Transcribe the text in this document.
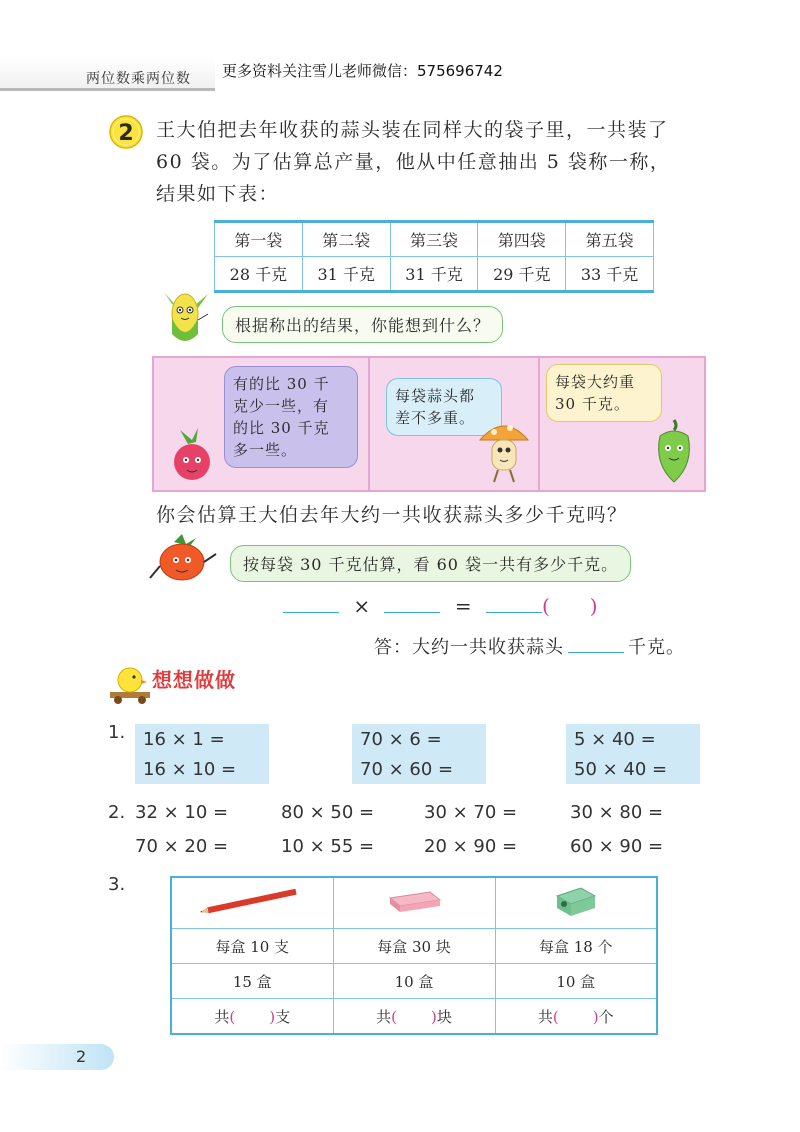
两位数乘两位数 更多资料关注雪儿老师微信：575696742
2 王大伯把去年收获的蒜头装在同样大的袋子里，一共装了
60 袋。为了估算总产量，他从中任意抽出 5 袋称一称，
结果如下表：
第一袋	第二袋	第三袋	第四袋	第五袋
28 千克	31 千克	31 千克	29 千克	33 千克
根据称出的结果，你能想到什么？
有的比 30 千
克少一些，有
的比 30 千克
多一些。
每袋蒜头都
差不多重。
每袋大约重
30 千克。
你会估算王大伯去年大约一共收获蒜头多少千克吗？
按每袋 30 千克估算，看 60 袋一共有多少千克。
×	=	(　　)
答：大约一共收获蒜头	千克。
想想做做
1. 16 × 1 =
16 × 10 =
70 × 6 =
70 × 60 =
5 × 40 =
50 × 40 =
2. 32 × 10 =	80 × 50 =	30 × 70 =	30 × 80 =
70 × 20 =	10 × 55 =	20 × 90 =	60 × 90 =
3.

每盒 10 支	每盒 30 块	每盒 18 个
15 盒	10 盒	10 盒
共( )支	共( )块	共( )个
2
